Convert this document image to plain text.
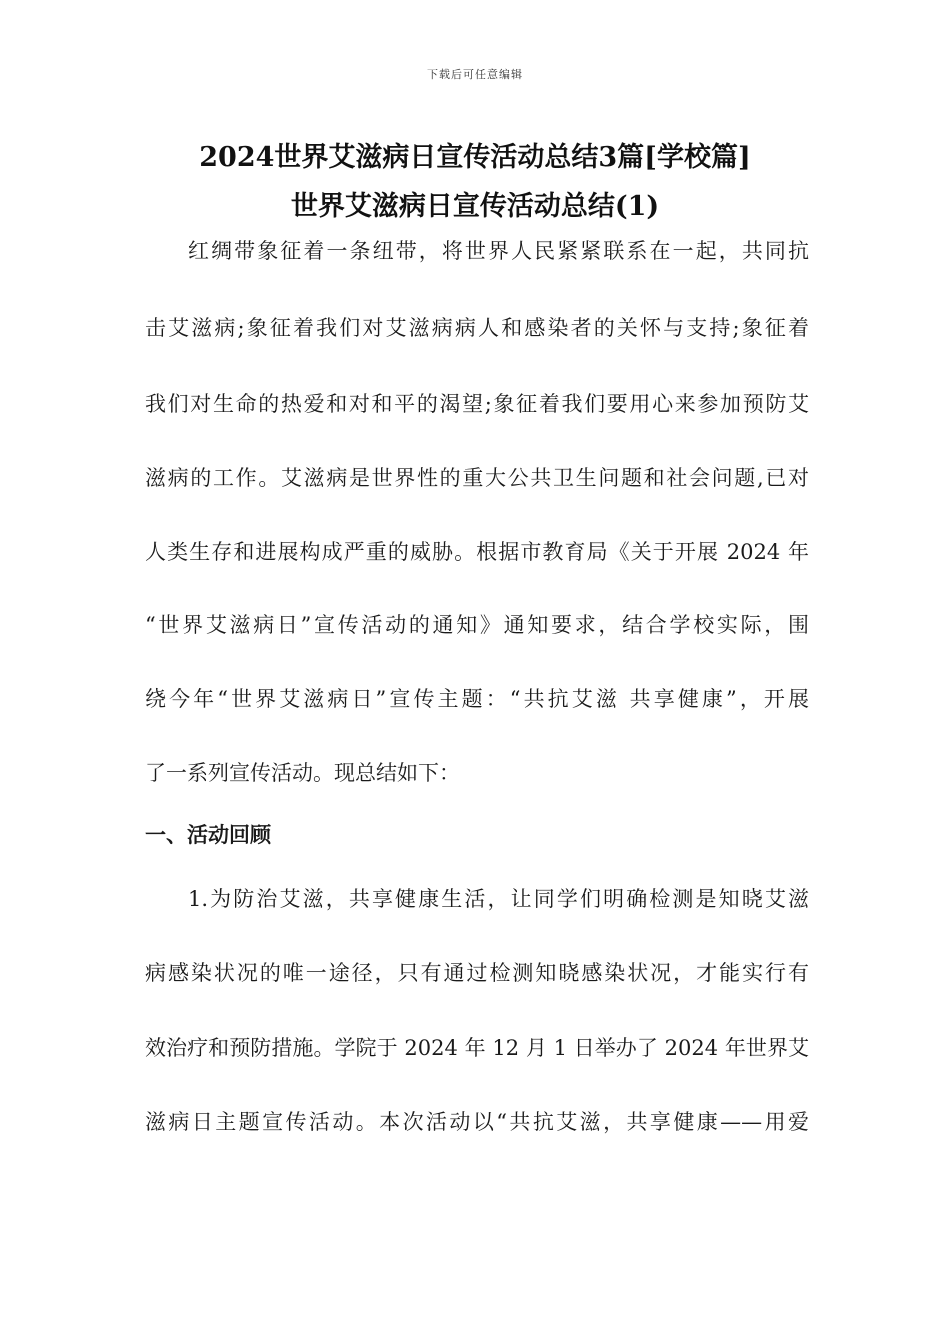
下载后可任意编辑
2024世界艾滋病日宣传活动总结3篇[学校篇]
世界艾滋病日宣传活动总结(1)
红绸带象征着一条纽带，将世界人民紧紧联系在一起，共同抗
击艾滋病;象征着我们对艾滋病病人和感染者的关怀与支持;象征着
我们对生命的热爱和对和平的渴望;象征着我们要用心来参加预防艾
滋病的工作。艾滋病是世界性的重大公共卫生问题和社会问题,已对
人类生存和进展构成严重的威胁。根据市教育局《关于开展 2024 年
“世界艾滋病日”宣传活动的通知》通知要求，结合学校实际，围
绕今年“世界艾滋病日”宣传主题：“共抗艾滋 共享健康”，开展
了一系列宣传活动。现总结如下：
一、活动回顾
1.为防治艾滋，共享健康生活，让同学们明确检测是知晓艾滋
病感染状况的唯一途径，只有通过检测知晓感染状况，才能实行有
效治疗和预防措施。学院于 2024 年 12 月 1 日举办了 2024 年世界艾
滋病日主题宣传活动。本次活动以“共抗艾滋，共享健康——用爱
